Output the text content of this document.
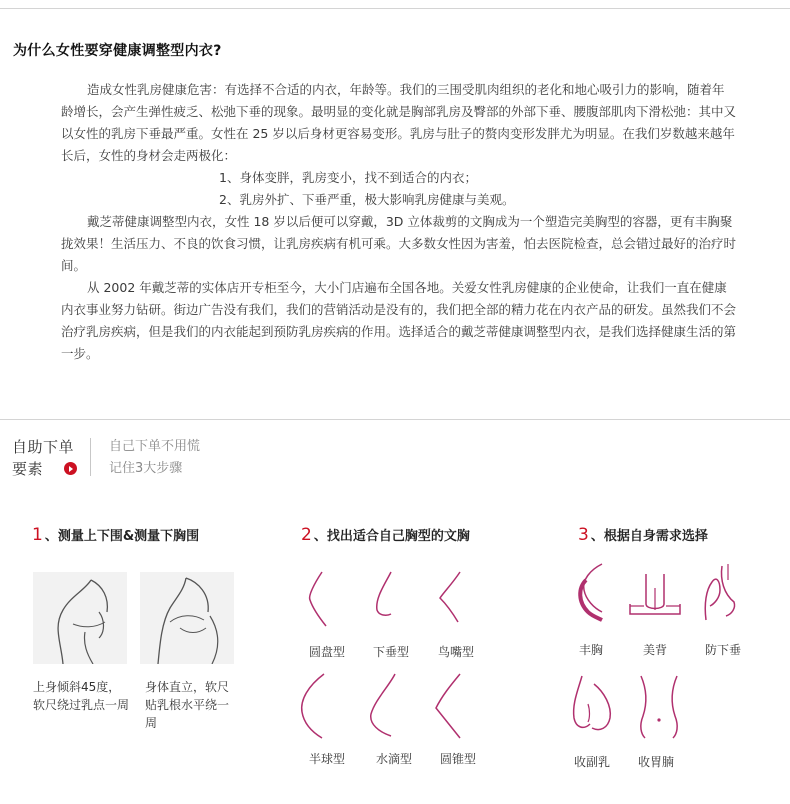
为什么女性要穿健康调整型内衣?

造成女性乳房健康危害：有选择不合适的内衣，年龄等。我们的三围受肌肉组织的老化和地心吸引力的影响，随着年龄增长，会产生弹性疲乏、松弛下垂的现象。最明显的变化就是胸部乳房及臀部的外部下垂、腰腹部肌肉下滑松弛：其中又以女性的乳房下垂最严重。女性在 25 岁以后身材更容易变形。乳房与肚子的赘肉变形发胖尤为明显。在我们岁数越来越年长后，女性的身材会走两极化：

1、身体变胖，乳房变小，找不到适合的内衣；

2、乳房外扩、下垂严重，极大影响乳房健康与美观。

戴芝蒂健康调整型内衣，女性 18 岁以后便可以穿戴，3D 立体裁剪的文胸成为一个塑造完美胸型的容器，更有丰胸聚拢效果！生活压力、不良的饮食习惯，让乳房疾病有机可乘。大多数女性因为害羞，怕去医院检查，总会错过最好的治疗时间。

从 2002 年戴芝蒂的实体店开专柜至今，大小门店遍布全国各地。关爱女性乳房健康的企业使命，让我们一直在健康内衣事业努力钻研。街边广告没有我们，我们的营销活动是没有的，我们把全部的精力花在内衣产品的研发。虽然我们不会治疗乳房疾病，但是我们的内衣能起到预防乳房疾病的作用。选择适合的戴芝蒂健康调整型内衣，是我们选择健康生活的第一步。

自助下单
要素
自己下单不用慌
记住3大步骤
1 、测量上下围&测量下胸围
上身倾斜45度，软尺绕过乳点一周
身体直立，软尺贴乳根水平绕一周
2 、找出适合自己胸型的文胸
圆盘型	下垂型	鸟嘴型
半球型	水滴型	圆锥型
3 、根据自身需求选择
丰胸	美背	防下垂
收副乳	收胃腩
